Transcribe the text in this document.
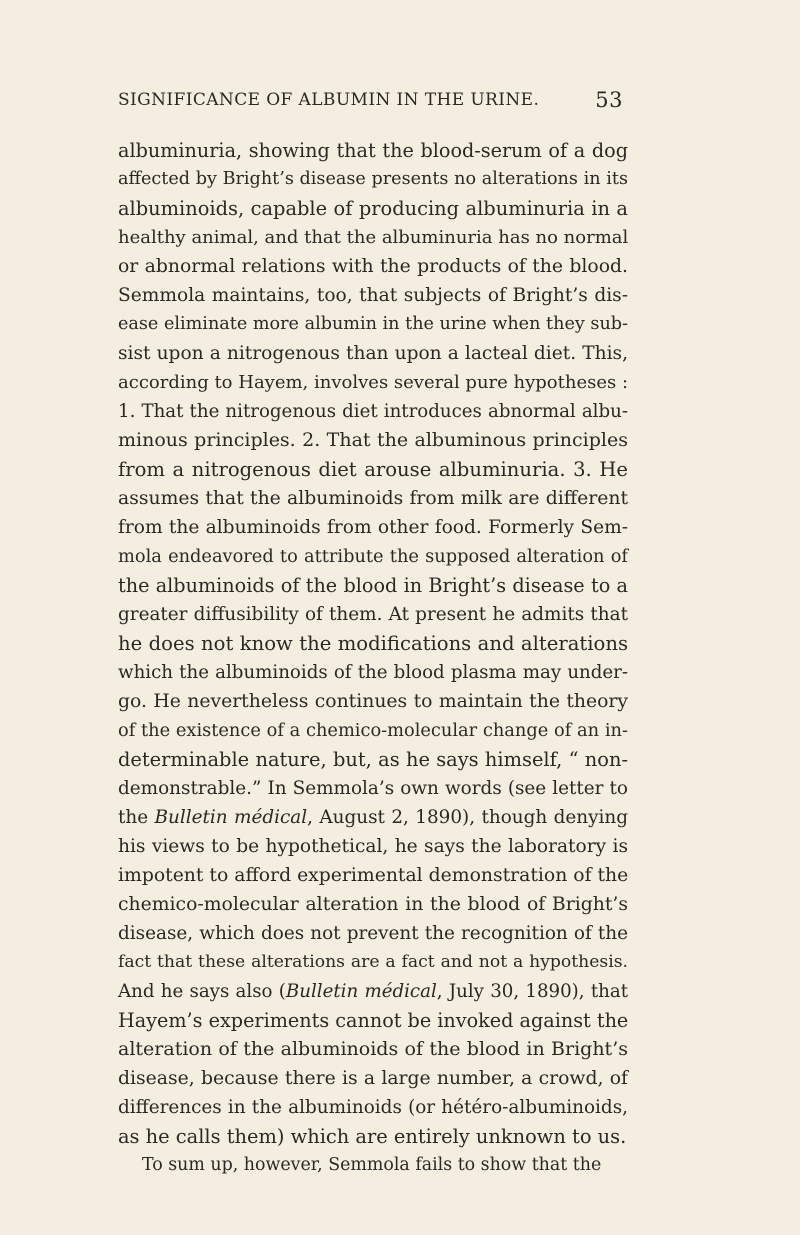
SIGNIFICANCE OF ALBUMIN IN THE URINE.	53
albuminuria, showing that the blood-serum of a dog
affected by Bright’s disease presents no alterations in its
albuminoids, capable of producing albuminuria in a
healthy animal, and that the albuminuria has no normal
or abnormal relations with the products of the blood.
Semmola maintains, too, that subjects of Bright’s dis-
ease eliminate more albumin in the urine when they sub-
sist upon a nitrogenous than upon a lacteal diet. This,
according to Hayem, involves several pure hypotheses :
1. That the nitrogenous diet introduces abnormal albu-
minous principles. 2. That the albuminous principles
from a nitrogenous diet arouse albuminuria. 3. He
assumes that the albuminoids from milk are different
from the albuminoids from other food. Formerly Sem-
mola endeavored to attribute the supposed alteration of
the albuminoids of the blood in Bright’s disease to a
greater diffusibility of them. At present he admits that
he does not know the modifications and alterations
which the albuminoids of the blood plasma may under-
go. He nevertheless continues to maintain the theory
of the existence of a chemico-molecular change of an in-
determinable nature, but, as he says himself, “ non-
demonstrable.” In Semmola’s own words (see letter to
the Bulletin médical, August 2, 1890), though denying
his views to be hypothetical, he says the laboratory is
impotent to afford experimental demonstration of the
chemico-molecular alteration in the blood of Bright’s
disease, which does not prevent the recognition of the
fact that these alterations are a fact and not a hypothesis.
And he says also (Bulletin médical, July 30, 1890), that
Hayem’s experiments cannot be invoked against the
alteration of the albuminoids of the blood in Bright’s
disease, because there is a large number, a crowd, of
differences in the albuminoids (or hétéro-albuminoids,
as he calls them) which are entirely unknown to us.
To sum up, however, Semmola fails to show that the
